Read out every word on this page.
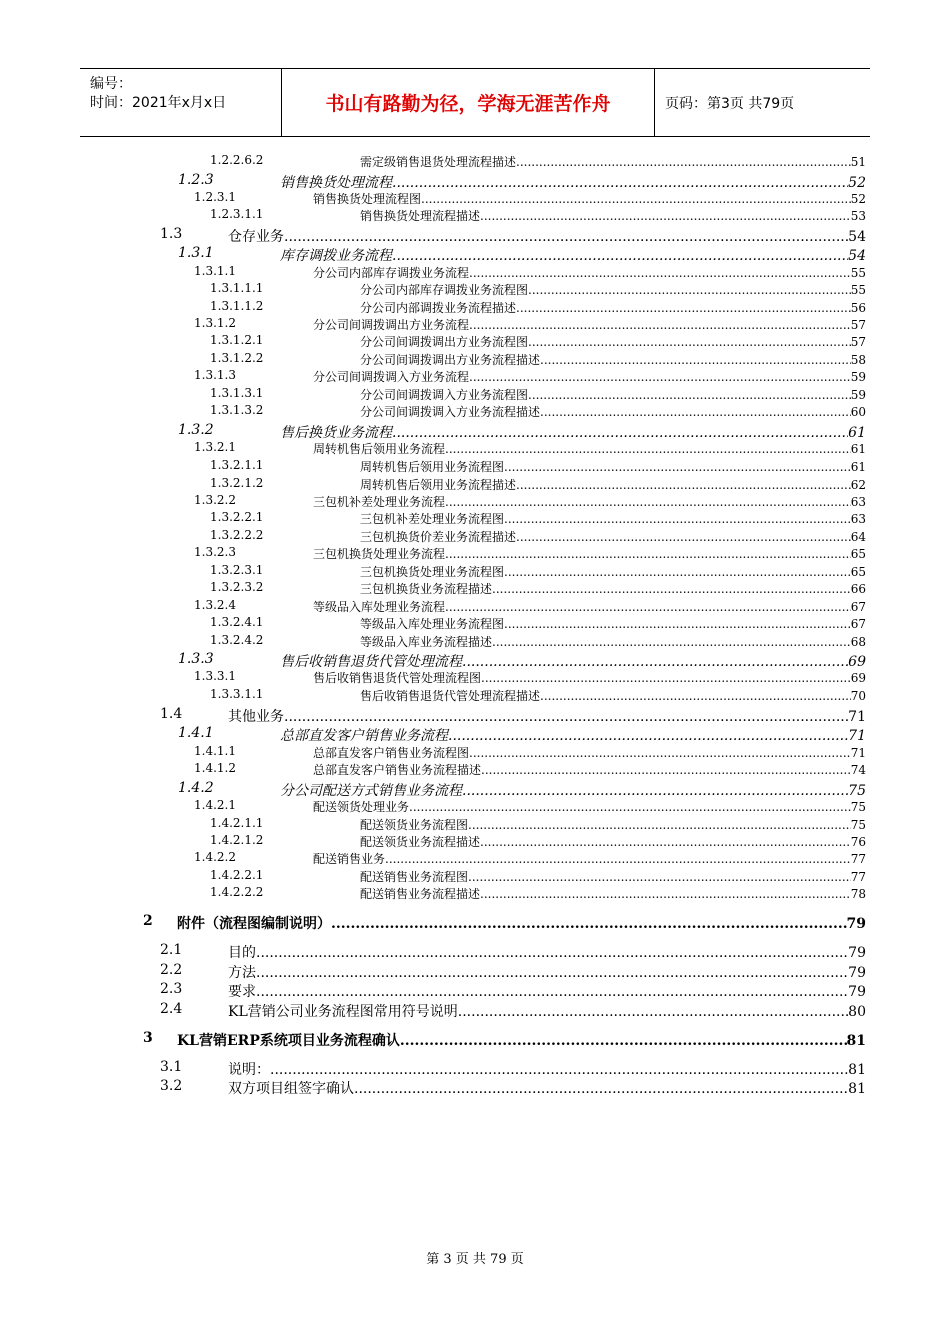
编号：
时间：2021年x月x日	书山有路勤为径，学海无涯苦作舟	页码：第3页 共79页
1.2.2.6.2	需定级销售退货处理流程描述 .....	51
1.2.3	销售换货处理流程 .....	52
1.2.3.1	销售换货处理流程图 .....	52
1.2.3.1.1	销售换货处理流程描述 .....	53
1.3	仓存业务 .....	54
1.3.1	库存调拨业务流程 .....	54
1.3.1.1	分公司内部库存调拨业务流程 .....	55
1.3.1.1.1	分公司内部库存调拨业务流程图 .....	55
1.3.1.1.2	分公司内部调拨业务流程描述 .....	56
1.3.1.2	分公司间调拨调出方业务流程 .....	57
1.3.1.2.1	分公司间调拨调出方业务流程图 .....	57
1.3.1.2.2	分公司间调拨调出方业务流程描述 .....	58
1.3.1.3	分公司间调拨调入方业务流程 .....	59
1.3.1.3.1	分公司间调拨调入方业务流程图 .....	59
1.3.1.3.2	分公司间调拨调入方业务流程描述 .....	60
1.3.2	售后换货业务流程 .....	61
1.3.2.1	周转机售后领用业务流程 .....	61
1.3.2.1.1	周转机售后领用业务流程图 .....	61
1.3.2.1.2	周转机售后领用业务流程描述 .....	62
1.3.2.2	三包机补差处理业务流程 .....	63
1.3.2.2.1	三包机补差处理业务流程图 .....	63
1.3.2.2.2	三包机换货价差业务流程描述 .....	64
1.3.2.3	三包机换货处理业务流程 .....	65
1.3.2.3.1	三包机换货处理业务流程图 .....	65
1.3.2.3.2	三包机换货业务流程描述 .....	66
1.3.2.4	等级品入库处理业务流程 .....	67
1.3.2.4.1	等级品入库处理业务流程图 .....	67
1.3.2.4.2	等级品入库业务流程描述 .....	68
1.3.3	售后收销售退货代管处理流程 .....	69
1.3.3.1	售后收销售退货代管处理流程图 .....	69
1.3.3.1.1	售后收销售退货代管处理流程描述 .....	70
1.4	其他业务 .....	71
1.4.1	总部直发客户销售业务流程 .....	71
1.4.1.1	总部直发客户销售业务流程图 .....	71
1.4.1.2	总部直发客户销售业务流程描述 .....	74
1.4.2	分公司配送方式销售业务流程 .....	75
1.4.2.1	配送领货处理业务 .....	75
1.4.2.1.1	配送领货业务流程图 .....	75
1.4.2.1.2	配送领货业务流程描述 .....	76
1.4.2.2	配送销售业务 .....	77
1.4.2.2.1	配送销售业务流程图 .....	77
1.4.2.2.2	配送销售业务流程描述 .....	78
2 附件（流程图编制说明） .....	79
2.1	目的 .....	79
2.2	方法 .....	79
2.3	要求 .....	79
2.4	KL营销公司业务流程图常用符号说明 .....	80
3 KL营销ERP系统项目业务流程确认 .....	81
3.1	说明： .....	81
3.2	双方项目组签字确认 .....	81
第 3 页 共 79 页
